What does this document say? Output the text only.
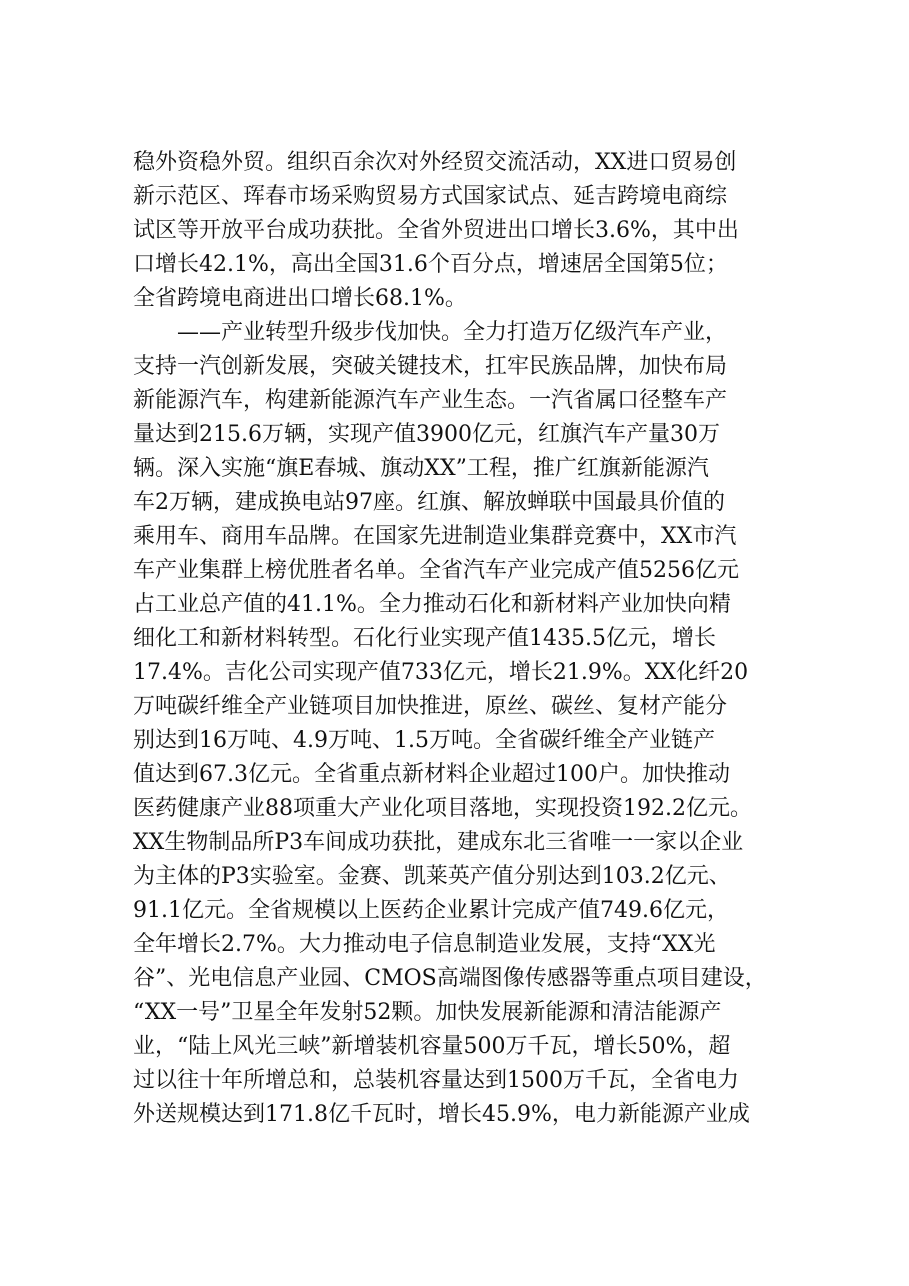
稳外资稳外贸。组织百余次对外经贸交流活动，XX进口贸易创
新示范区、珲春市场采购贸易方式国家试点、延吉跨境电商综
试区等开放平台成功获批。全省外贸进出口增长3.6%，其中出
口增长42.1%，高出全国31.6个百分点，增速居全国第5位；
全省跨境电商进出口增长68.1%。
　　——产业转型升级步伐加快。全力打造万亿级汽车产业，
支持一汽创新发展，突破关键技术，扛牢民族品牌，加快布局
新能源汽车，构建新能源汽车产业生态。一汽省属口径整车产
量达到215.6万辆，实现产值3900亿元，红旗汽车产量30万
辆。深入实施“旗E春城、旗动XX”工程，推广红旗新能源汽
车2万辆，建成换电站97座。红旗、解放蝉联中国最具价值的
乘用车、商用车品牌。在国家先进制造业集群竞赛中，XX市汽
车产业集群上榜优胜者名单。全省汽车产业完成产值5256亿元
占工业总产值的41.1%。全力推动石化和新材料产业加快向精
细化工和新材料转型。石化行业实现产值1435.5亿元，增长
17.4%。吉化公司实现产值733亿元，增长21.9%。XX化纤20
万吨碳纤维全产业链项目加快推进，原丝、碳丝、复材产能分
别达到16万吨、4.9万吨、1.5万吨。全省碳纤维全产业链产
值达到67.3亿元。全省重点新材料企业超过100户。加快推动
医药健康产业88项重大产业化项目落地，实现投资192.2亿元。
XX生物制品所P3车间成功获批，建成东北三省唯一一家以企业
为主体的P3实验室。金赛、凯莱英产值分别达到103.2亿元、
91.1亿元。全省规模以上医药企业累计完成产值749.6亿元，
全年增长2.7%。大力推动电子信息制造业发展，支持“XX光
谷”、光电信息产业园、CMOS高端图像传感器等重点项目建设，
“XX一号”卫星全年发射52颗。加快发展新能源和清洁能源产
业，“陆上风光三峡”新增装机容量500万千瓦，增长50%，超
过以往十年所增总和，总装机容量达到1500万千瓦，全省电力
外送规模达到171.8亿千瓦时，增长45.9%，电力新能源产业成
